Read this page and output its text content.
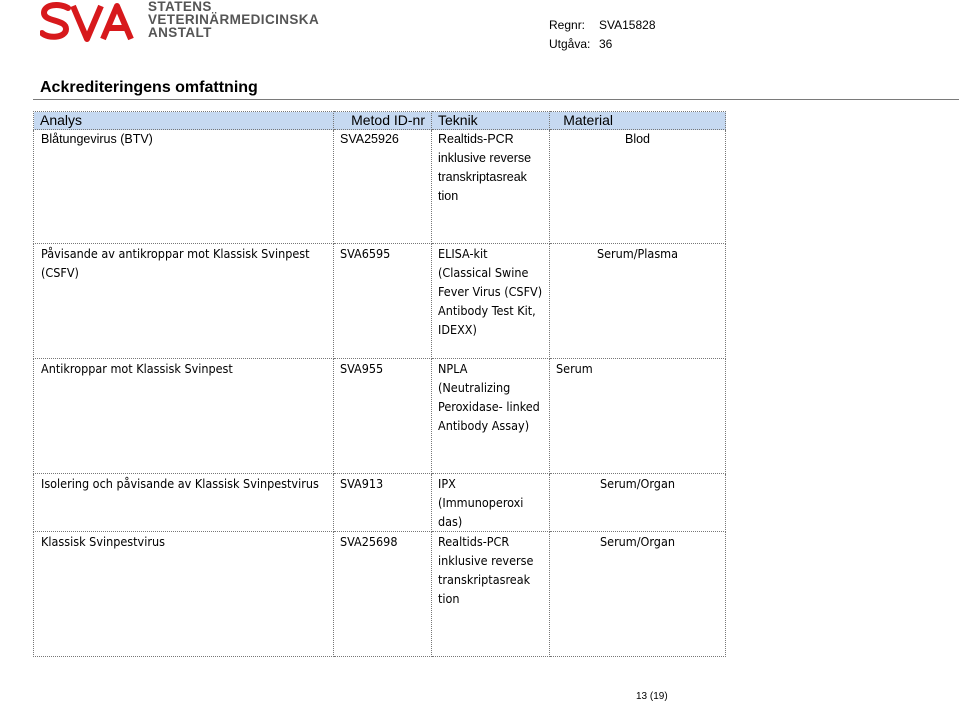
STATENS
VETERINÄRMEDICINSKA
ANSTALT	Regnr: SVA15828
Utgåva: 36
Ackrediteringens omfattning
Analys	Metod ID-nr	Teknik	Material
Blåtungevirus (BTV)	SVA25926	Realtids-PCR inklusive reverse transkriptasreak tion	Blod
Påvisande av antikroppar mot Klassisk Svinpest (CSFV)	SVA6595	ELISA-kit (Classical Swine Fever Virus (CSFV) Antibody Test Kit, IDEXX)	Serum/Plasma
Antikroppar mot Klassisk Svinpest	SVA955	NPLA (Neutralizing Peroxidase- linked Antibody Assay)	Serum
Isolering och påvisande av Klassisk Svinpestvirus	SVA913	IPX (Immunoperoxi das)	Serum/Organ
Klassisk Svinpestvirus	SVA25698	Realtids-PCR inklusive reverse transkriptasreak tion	Serum/Organ
13 (19)
